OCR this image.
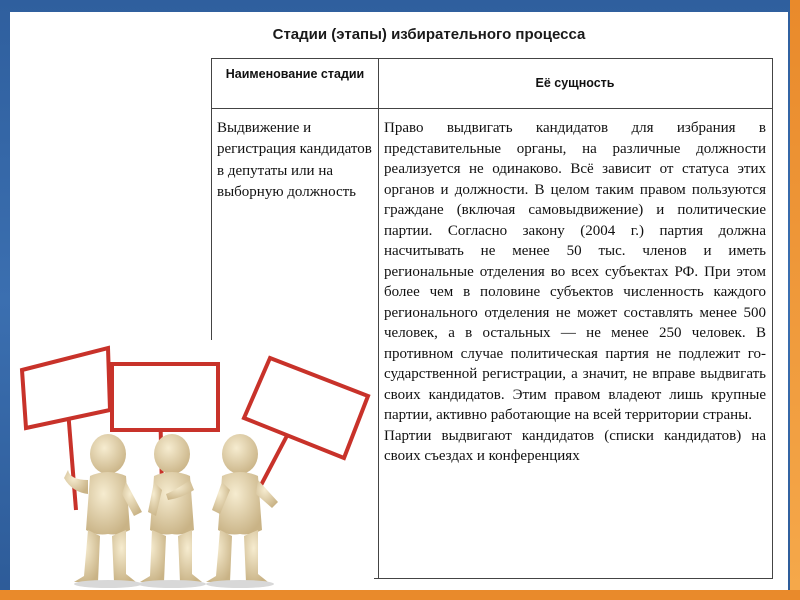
Стадии (этапы) избирательного процесса
Наименование стадии
Её сущность
Выдвижение и регистрация кандидатов в депутаты или на выборную должность

Право выдвигать кандидатов для избрания в представительные органы, на различные должности реализуется не одинаково. Всё зависит от статуса этих органов и должности. В целом таким правом пользуются граждане (включая самовыдвижение) и политические партии. Согласно закону (2004 г.) партия должна насчитывать не менее 50 тыс. членов и иметь региональные отделения во всех субъектах РФ. При этом более чем в половине субъектов численность каждого регионального отделения не может составлять менее 500 человек, а в остальных — не менее 250 человек. В противном случае политическая партия не подлежит государственной регистрации, а значит, не вправе выдвигать своих кандидатов. Этим правом владеют лишь крупные партии, активно работающие на всей территории страны.

Партии выдвигают кандидатов (списки кандидатов) на своих съездах и конференциях
